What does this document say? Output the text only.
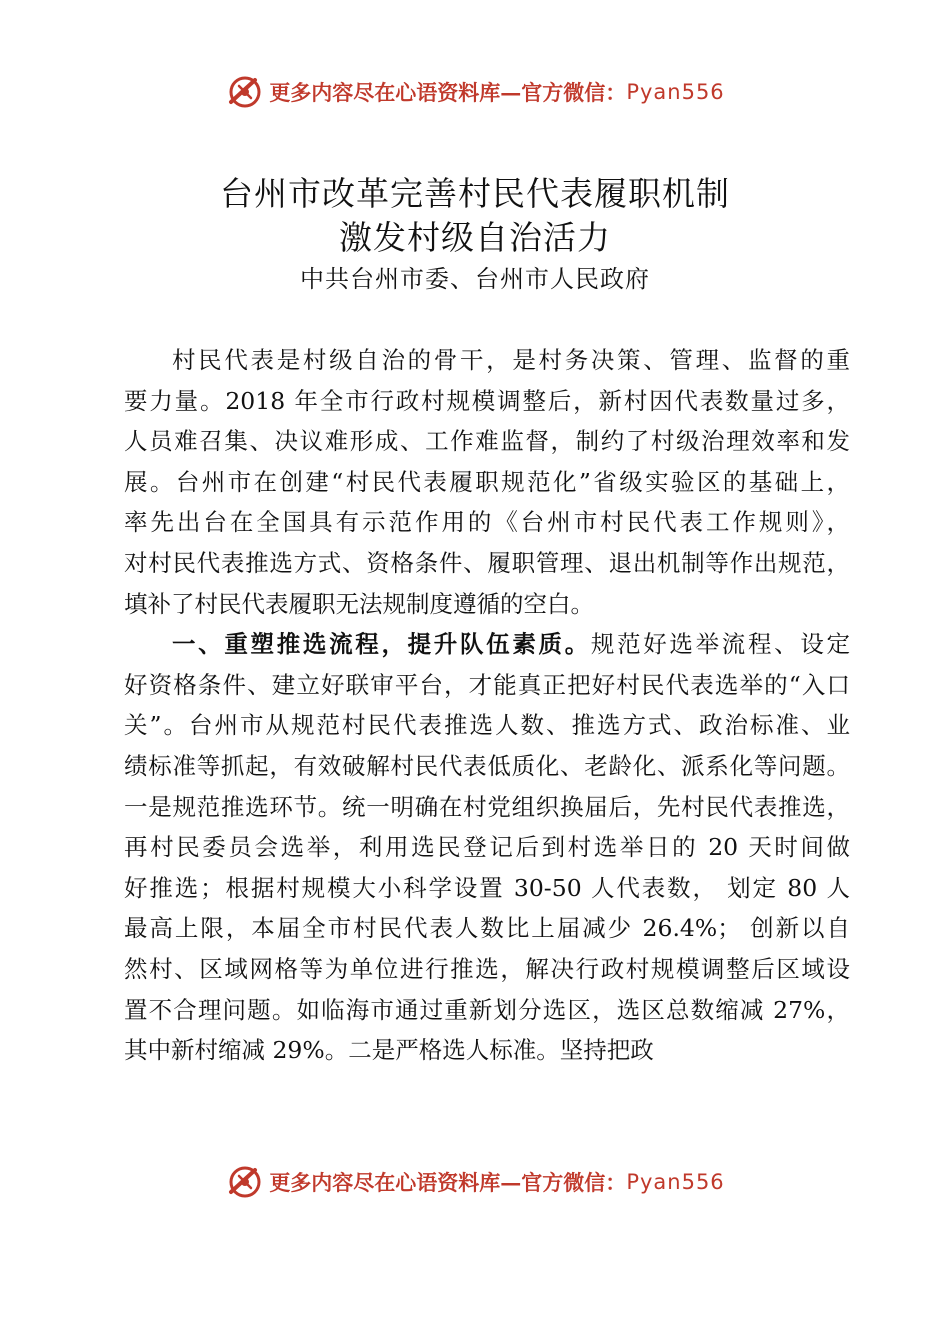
更多内容尽在心语资料库—官方微信： Pyan556
台州市改革完善村民代表履职机制
激发村级自治活力
中共台州市委、台州市人民政府
村民代表是村级自治的骨干，是村务决策、管理、监督的重
要力量。2018 年全市行政村规模调整后，新村因代表数量过多，
人员难召集、决议难形成、工作难监督，制约了村级治理效率和发
展。台州市在创建“村民代表履职规范化”省级实验区的基础上，
率先出台在全国具有示范作用的《台州市村民代表工作规则》，
对村民代表推选方式、资格条件、履职管理、退出机制等作出规范，
填补了村民代表履职无法规制度遵循的空白。
一、重塑推选流程，提升队伍素质。规范好选举流程、设定
好资格条件、建立好联审平台，才能真正把好村民代表选举的“入口
关”。台州市从规范村民代表推选人数、推选方式、政治标准、业
绩标准等抓起，有效破解村民代表低质化、老龄化、派系化等问题。
一是规范推选环节。统一明确在村党组织换届后，先村民代表推选，
再村民委员会选举，利用选民登记后到村选举日的 20 天时间做
好推选；根据村规模大小科学设置 30-50 人代表数， 划定 80 人
最高上限，本届全市村民代表人数比上届减少 26.4%； 创新以自
然村、区域网格等为单位进行推选，解决行政村规模调整后区域设
置不合理问题。如临海市通过重新划分选区，选区总数缩减 27%，
其中新村缩减 29%。二是严格选人标准。坚持把政
更多内容尽在心语资料库—官方微信： Pyan556
